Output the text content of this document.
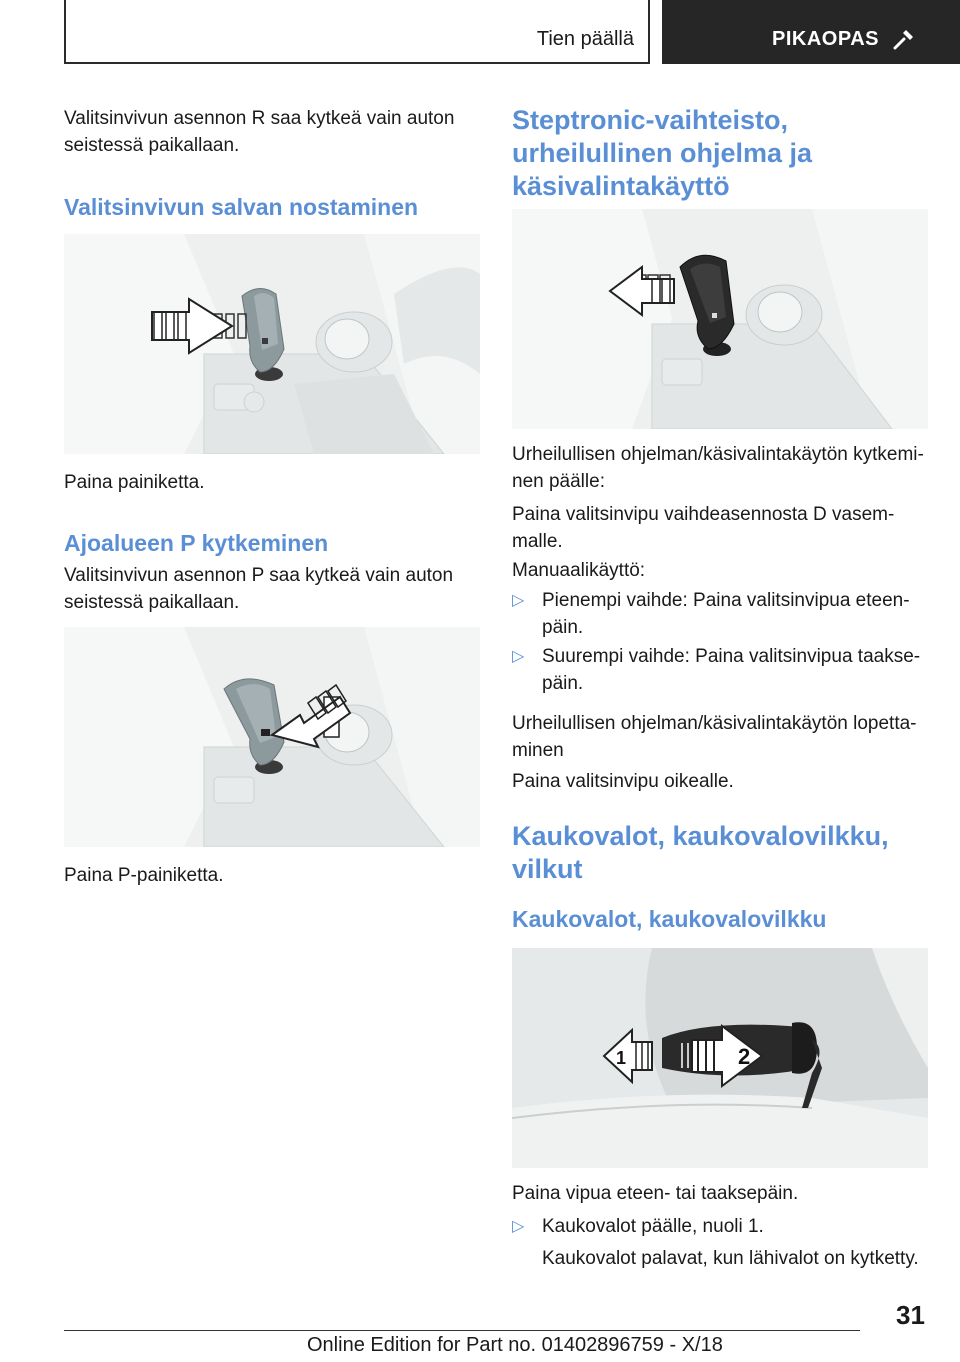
Tien päällä	PIKAOPAS
Valitsinvivun asennon R saa kytkeä vain auton seistessä paikallaan.
Valitsinvivun salvan nostaminen
Paina painiketta.
Ajoalueen P kytkeminen
Valitsinvivun asennon P saa kytkeä vain auton seistessä paikallaan.
Paina P-painiketta.
Steptronic-vaihteisto, urheilullinen ohjelma ja käsivalintakäyttö
Urheilullisen ohjelman/käsivalintakäytön kytkeminen päälle:
Paina valitsinvipu vaihdeasennosta D vasemmalle.
Manuaalikäyttö:
▷ Pienempi vaihde: Paina valitsinvipua eteenpäin.
▷ Suurempi vaihde: Paina valitsinvipua taaksepäin.
Urheilullisen ohjelman/käsivalintakäytön lopettaminen
Paina valitsinvipu oikealle.
Kaukovalot, kaukovalovilkku, vilkut
Kaukovalot, kaukovalovilkku
2
1
Paina vipua eteen- tai taaksepäin.
▷ Kaukovalot päälle, nuoli 1.
Kaukovalot palavat, kun lähivalot on kytketty.
31
Online Edition for Part no. 01402896759 - X/18
